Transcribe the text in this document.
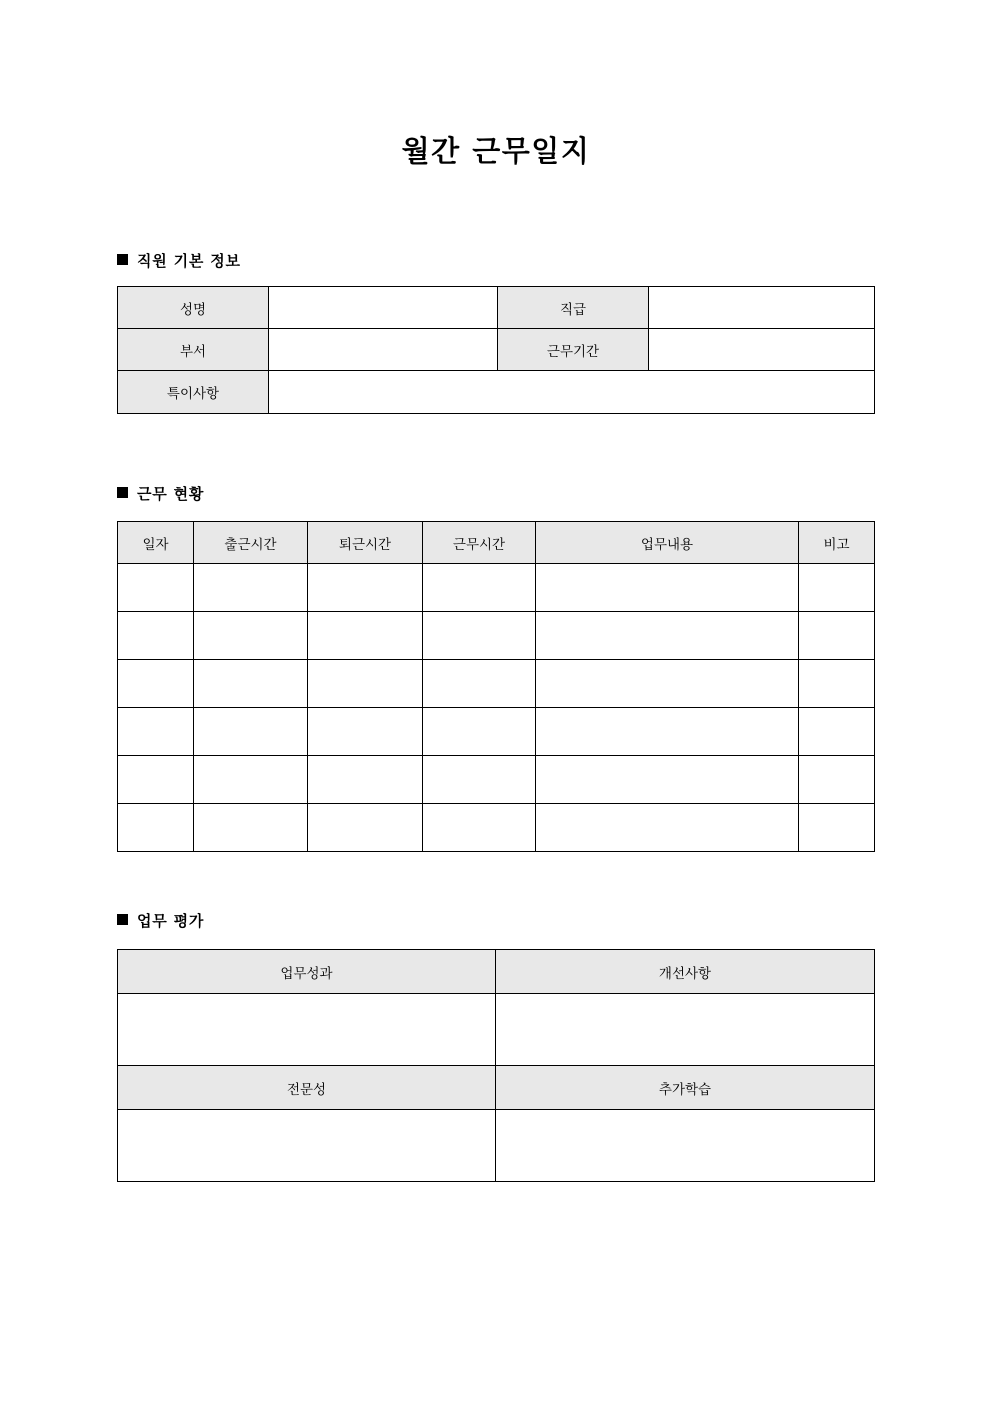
월간 근무일지
직원 기본 정보
성명		직급	
부서		근무기간	
특이사항			
근무 현황
일자	출근시간	퇴근시간	근무시간	업무내용	비고

업무 평가
업무성과	개선사항

전문성	추가학습
